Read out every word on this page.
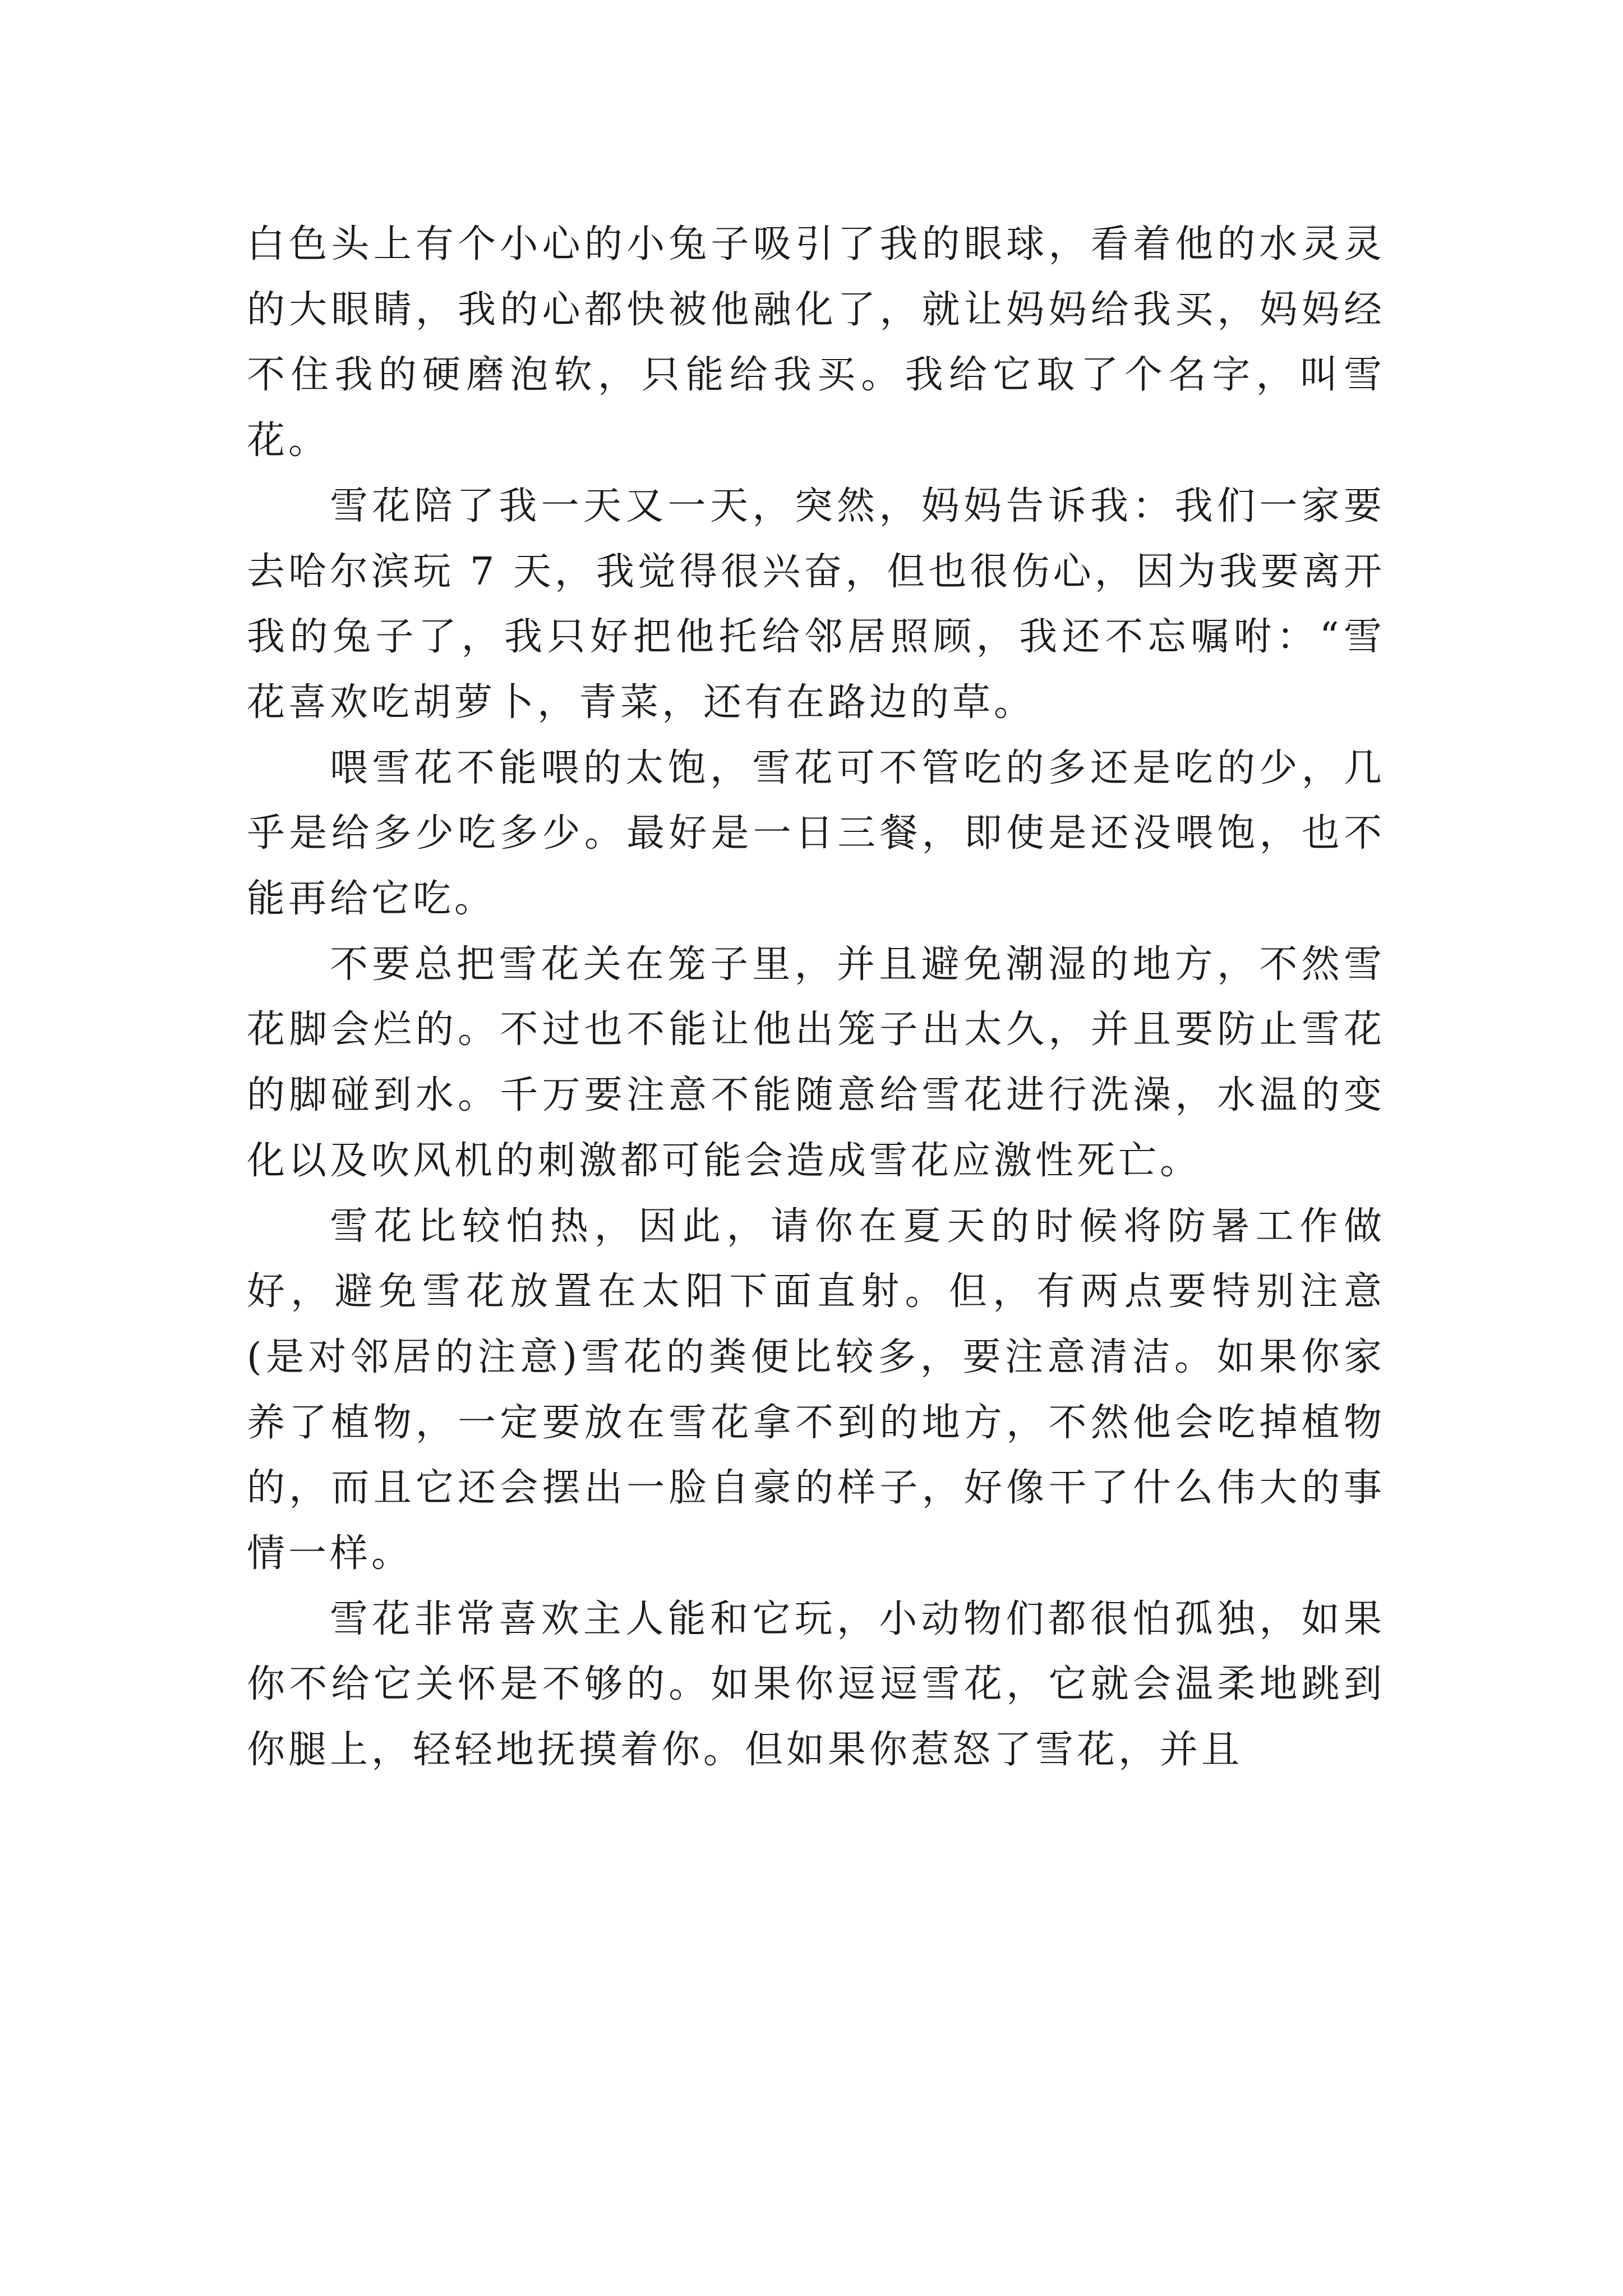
白色头上有个小心的小兔子吸引了我的眼球，看着他的水灵灵的大眼睛，我的心都快被他融化了，就让妈妈给我买，妈妈经不住我的硬磨泡软，只能给我买。我给它取了个名字，叫雪花。

雪花陪了我一天又一天，突然，妈妈告诉我：我们一家要去哈尔滨玩 7 天，我觉得很兴奋，但也很伤心，因为我要离开我的兔子了，我只好把他托给邻居照顾，我还不忘嘱咐：“雪花喜欢吃胡萝卜，青菜，还有在路边的草。

喂雪花不能喂的太饱，雪花可不管吃的多还是吃的少，几乎是给多少吃多少。最好是一日三餐，即使是还没喂饱，也不能再给它吃。

不要总把雪花关在笼子里，并且避免潮湿的地方，不然雪花脚会烂的。不过也不能让他出笼子出太久，并且要防止雪花的脚碰到水。千万要注意不能随意给雪花进行洗澡，水温的变化以及吹风机的刺激都可能会造成雪花应激性死亡。

雪花比较怕热，因此，请你在夏天的时候将防暑工作做好，避免雪花放置在太阳下面直射。但，有两点要特别注意(是对邻居的注意)雪花的粪便比较多，要注意清洁。如果你家养了植物，一定要放在雪花拿不到的地方，不然他会吃掉植物的，而且它还会摆出一脸自豪的样子，好像干了什么伟大的事情一样。

雪花非常喜欢主人能和它玩，小动物们都很怕孤独，如果你不给它关怀是不够的。如果你逗逗雪花，它就会温柔地跳到你腿上，轻轻地抚摸着你。但如果你惹怒了雪花，并且
